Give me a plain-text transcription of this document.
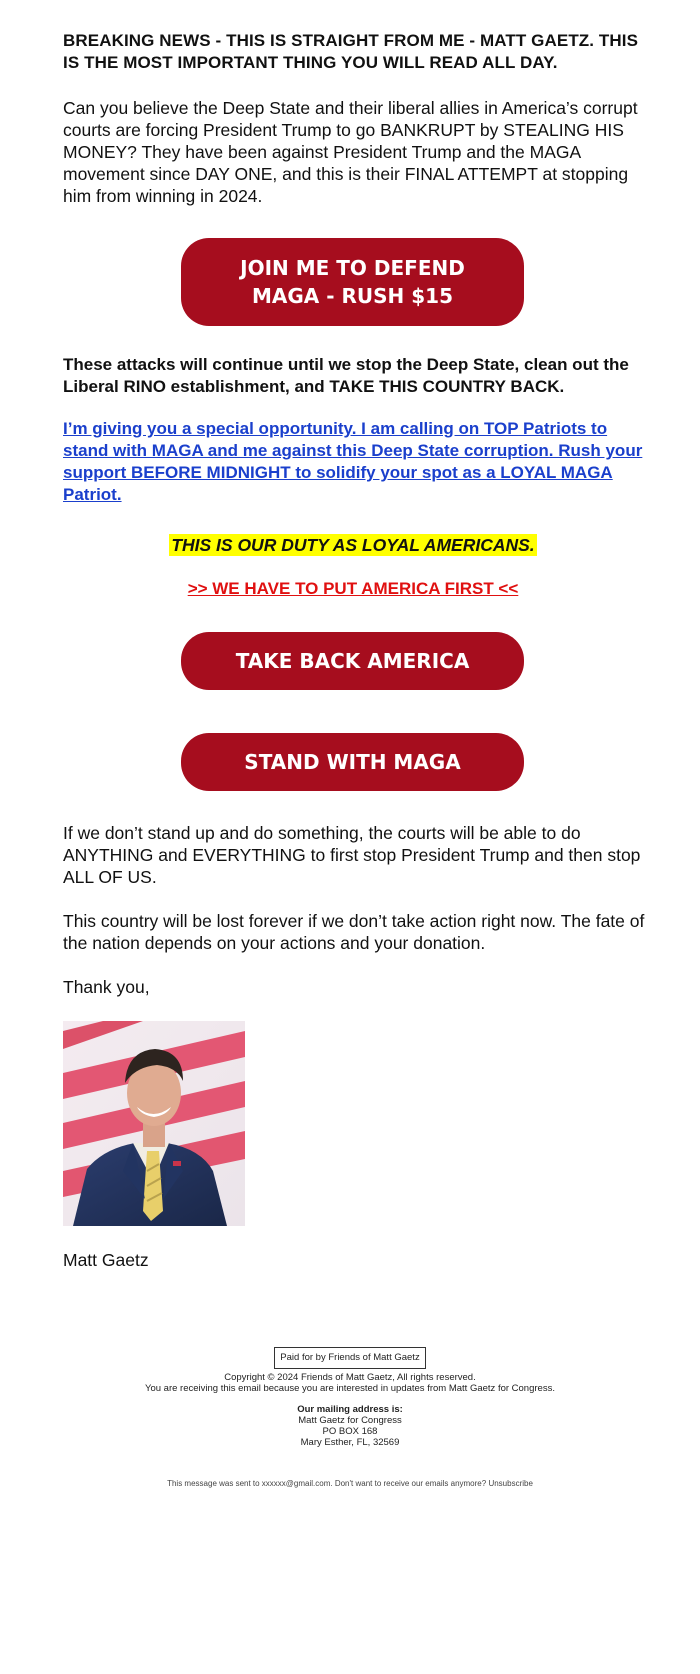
BREAKING NEWS - THIS IS STRAIGHT FROM ME - MATT GAETZ. THIS IS THE MOST IMPORTANT THING YOU WILL READ ALL DAY.
Can you believe the Deep State and their liberal allies in America’s corrupt courts are forcing President Trump to go BANKRUPT by STEALING HIS MONEY? They have been against President Trump and the MAGA movement since DAY ONE, and this is their FINAL ATTEMPT at stopping him from winning in 2024.
JOIN ME TO DEFEND MAGA - RUSH $15
These attacks will continue until we stop the Deep State, clean out the Liberal RINO establishment, and TAKE THIS COUNTRY BACK.
I’m giving you a special opportunity. I am calling on TOP Patriots to stand with MAGA and me against this Deep State corruption. Rush your support BEFORE MIDNIGHT to solidify your spot as a LOYAL MAGA Patriot.
THIS IS OUR DUTY AS LOYAL AMERICANS.
>> WE HAVE TO PUT AMERICA FIRST <<
TAKE BACK AMERICA
STAND WITH MAGA
If we don’t stand up and do something, the courts will be able to do ANYTHING and EVERYTHING to first stop President Trump and then stop ALL OF US.
This country will be lost forever if we don’t take action right now. The fate of the nation depends on your actions and your donation.
Thank you,
Matt Gaetz
Paid for by Friends of Matt Gaetz
Copyright © 2024 Friends of Matt Gaetz, All rights reserved.
You are receiving this email because you are interested in updates from Matt Gaetz for Congress.
Our mailing address is:
Matt Gaetz for Congress
PO BOX 168
Mary Esther, FL, 32569
This message was sent to xxxxxx@gmail.com. Don't want to receive our emails anymore? Unsubscribe
